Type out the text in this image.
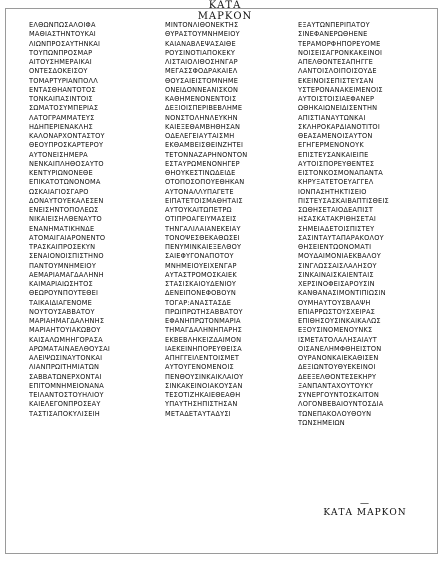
ΚΑΤΑ ΜΑΡΚΟΝ
ΕΛΘΩΝΠΩΣΑΛΟΙΦΑ
ΜΑΘΙΑΣΤΗΝΤΟΥΚΑΙ
ΛΙΩΝΠΡΟΣΑΥΤΗΝΚΑΙ
ΤΟΥΠΩΝΠΡΟΣΜΑΡ
ΑΙΤΟΥΣΗΜΕΡΑΙΚΑΙ
ΟΝΤΕΣΔΟΚΕΙΣΟΥ
ΤΟΜΑΡΤΥΡΙΑΝΠΟΛΛ
ΕΝΤΑΣΘΗΑΝΤΟΤΟΣ
ΤΟΝΚΑΙΠΑΣΙΝΤΟΙΣ
ΣΩΜΑΤΟΣΥΜΠΕΡΙΑΣ
ΛΑΤΟΓΡΑΜΜΑΤΕΥΣ
ΗΔΗΠΕΡΙΕΝΑΚΛΗΣ
ΚΑΛΟΝΑΡΧΟΝΤΑΣΤΟΥ
ΘΕΟΥΠΡΟΣΚΑΡΤΕΡΟΥ
ΑΥΤΟΝΕΙΣΗΜΕΡΑ
ΝΕΝΚΑΙΠΛΗΘΟΣΑΥΤΟ
ΚΕΝΤΥΡΙΩΝΟΝΕΘΕ
ΕΠΙΚΑΤΟΤΩΝΟΝΟΜΑ
ΩΣΚΑΙΑΓΙΟΣΓΑΡΟ
ΔΟΝΑΥΤΟΥΕΚΑΛΕΣΕΝ
ΕΝΕΙΣΗΝΤΟΠΟΛΕΩΣ
ΝΙΚΑΙΕΙΣΗΛΘΕΝΑΥΤΟ
ΕΝΑΝΗΜΑΤΙΚΗΝΔΕ
ΑΤΟΜΑΙΓΑΙΑΡΟΝΕΝΤΟ
ΤΡΑΣΚΑΙΠΡΟΣΕΚΥΝ
ΣΕΝΑΙΟΝΟΙΣΠΙΣΤΗΝΟ
ΠΑΝΤΟΥΜΝΗΜΕΙΟΥ
ΑΕΜΑΡΙΑΜΑΓΔΑΛΗΝΗ
ΚΑΙΜΑΡΙΑΙΩΣΗΤΟΣ
ΘΕΩΡΟΥΝΠΟΥΤΕΘΕΙ
ΤΑΙΚΑΙΔΙΑΓΕΝΟΜΕ
ΝΟΥΤΟΥΣΑΒΒΑΤΟΥ
ΜΑΡΙΑΗΜΑΓΔΑΛΗΝΗΣ
ΜΑΡΙΑΗΤΟΥΙΑΚΩΒΟΥ
ΚΑΙΣΑΛΩΜΗΗΓΟΡΑΣΑ
ΑΡΩΜΑΤΑΙΝΑΕΛΘΟΥΣΑΙ
ΑΛΕΙΨΩΣΙΝΑΥΤΟΝΚΑΙ
ΛΙΑΝΠΡΩΙΤΗΜΙΑΤΩΝ
ΣΑΒΒΑΤΩΝΕΡΧΟΝΤΑΙ
ΕΠΙΤΟΜΝΗΜΕΙΟΝΑΝΑ
ΤΕΙΛΑΝΤΟΣΤΟΥΗΛΙΟΥ
ΚΑΙΕΛΕΓΟΝΠΡΟΣΕΑΥ
ΤΑΣΤΙΣΑΠΟΚΥΛΙΣΕΙΗ
ΜΙΝΤΟΝΛΙΘΟΝΕΚΤΗΣ
ΘΥΡΑΣΤΟΥΜΝΗΜΕΙΟΥ
ΚΑΙΑΝΑΒΛΕΨΑΣΑΙΘΕ
ΡΟΥΣΙΝΟΤΙΑΠΟΚΕΚΥ
ΛΙΣΤΑΙΟΛΙΘΟΣΗΝΓΑΡ
ΜΕΓΑΣΣΦΟΔΡΑΚΑΙΕΛ
ΘΟΥΣΑΙΕΙΣΤΟΜΝΗΜΕ
ΟΝΕΙΔΟΝΝΕΑΝΙΣΚΟΝ
ΚΑΘΗΜΕΝΟΝΕΝΤΟΙΣ
ΔΕΞΙΟΙΣΠΕΡΙΒΕΒΛΗΜΕ
ΝΟΝΣΤΟΛΗΝΛΕΥΚΗΝ
ΚΑΙΕΞΕΘΑΜΒΗΘΗΣΑΝ
ΟΔΕΛΕΓΕΙΑΥΤΑΙΣΜΗ
ΕΚΘΑΜΒΕΙΣΘΕΙΝΖΗΤΕΙ
ΤΕΤΟΝΝΑΖΑΡΗΝΟΝΤΟΝ
ΕΣΤΑΥΡΩΜΕΝΟΝΗΓΕΡ
ΘΗΟΥΚΕΣΤΙΝΩΔΕΙΔΕ
ΟΤΟΠΟΣΟΠΟΥΕΘΗΚΑΝ
ΑΥΤΟΝΑΛΛΥΠΑΓΕΤΕ
ΕΙΠΑΤΕΤΟΙΣΜΑΘΗΤΑΙΣ
ΑΥΤΟΥΚΑΙΤΩΠΕΤΡΩ
ΟΤΙΠΡΟΑΓΕΙΥΜΑΣΕΙΣ
ΤΗΝΓΑΛΙΛΑΙΑΝΕΚΕΙΑΥ
ΤΟΝΟΨΕΣΘΕΚΑΘΩΣΕΙ
ΠΕΝΥΜΙΝΚΑΙΕΞΕΛΘΟΥ
ΣΑΙΕΦΥΓΟΝΑΠΟΤΟΥ
ΜΝΗΜΕΙΟΥΕΙΧΕΝΓΑΡ
ΑΥΤΑΣΤΡΟΜΟΣΚΑΙΕΚ
ΣΤΑΣΙΣΚΑΙΟΥΔΕΝΙΟΥ
ΔΕΝΕΙΠΟΝΕΦΟΒΟΥΝ
ΤΟΓΑΡ:ΑΝΑΣΤΑΣΔΕ
ΠΡΩΙΠΡΩΤΗΣΑΒΒΑΤΟΥ
ΕΦΑΝΗΠΡΩΤΟΝΜΑΡΙΑ
ΤΗΜΑΓΔΑΛΗΝΗΠΑΡΗΣ
ΕΚΒΕΒΛΗΚΕΙΖΔΑΙΜΟΝ
ΙΑΕΚΕΙΝΗΠΟΡΕΥΘΕΙΣΑ
ΑΠΗΓΓΕΙΛΕΝΤΟΙΣΜΕΤ
ΑΥΤΟΥΓΕΝΟΜΕΝΟΙΣ
ΠΕΝΘΟΥΣΙΝΚΑΙΚΛΑΙΟΥ
ΣΙΝΚΑΚΕΙΝΟΙΑΚΟΥΣΑΝ
ΤΕΣΟΤΙΖΗΚΑΙΕΘΕΑΘΗ
ΥΠΑΥΤΗΣΗΠΙΣΤΗΣΑΝ
ΜΕΤΑΔΕΤΑΥΤΑΔΥΣΙ
ΕΞΑΥΤΩΝΠΕΡΙΠΑΤΟΥ
ΣΙΝΕΦΑΝΕΡΩΘΗΕΝΕ
ΤΕΡΑΜΟΡΦΗΠΟΡΕΥΟΜΕ
ΝΟΙΣΕΙΣΑΓΡΟΝΚΑΚΕΙΝΟΙ
ΑΠΕΛΘΟΝΤΕΣΑΠΗΓΓΕ
ΛΑΝΤΟΙΣΛΟΙΠΟΙΣΟΥΔΕ
ΕΚΕΙΝΟΙΣΕΠΙΣΤΕΥΣΑΝ
ΥΣΤΕΡΟΝΑΝΑΚΕΙΜΕΝΟΙΣ
ΑΥΤΟΙΣΤΟΙΣΙΑΕΦΑΝΕΡ
ΩΘΗΚΑΙΩΝΕΙΔΙΣΕΝΤΗΝ
ΑΠΙΣΤΙΑΝΑΥΤΩΝΚΑΙ
ΣΚΛΗΡΟΚΑΡΔΙΑΝΟΤΙΤΟΙ
ΘΕΑΣΑΜΕΝΟΙΣΑΥΤΟΝ
ΕΓΗΓΕΡΜΕΝΟΝΟΥΚ
ΕΠΙΣΤΕΥΣΑΝΚΑΙΕΙΠΕ
ΑΥΤΟΙΣΠΟΡΕΥΘΕΝΤΕΣ
ΕΙΣΤΟΝΚΟΣΜΟΝΑΠΑΝΤΑ
ΚΗΡΥΞΑΤΕΤΟΕΥΑΓΓΕΛ
ΙΟΝΠΑΣΗΤΗΚΤΙΣΕΙΟ
ΠΙΣΤΕΥΣΑΣΚΑΙΒΑΠΤΙΣΘΕΙΣ
ΣΩΘΗΣΕΤΑΙΟΔΕΑΠΙΣΤ
ΗΣΑΣΚΑΤΑΚΡΙΘΗΣΕΤΑΙ
ΣΗΜΕΙΑΔΕΤΟΙΣΠΙΣΤΕΥ
ΣΑΣΙΝΤΑΥΤΑΠΑΡΑΚΟΛΟΥ
ΘΗΣΕΙΕΝΤΩΟΝΟΜΑΤΙ
ΜΟΥΔΑΙΜΟΝΙΑΕΚΒΑΛΟΥ
ΣΙΝΓΛΩΣΣΑΙΣΛΑΛΗΣΟΥ
ΣΙΝΚΑΙΝΑΙΣΚΑΙΕΝΤΑΙΣ
ΧΕΡΣΙΝΟΦΕΙΣΑΡΟΥΣΙΝ
ΚΑΝΘΑΝΑΣΙΜΟΝΤΙΠΙΩΣΙΝ
ΟΥΜΗΑΥΤΟΥΣΒΛΑΨΗ
ΕΠΙΑΡΡΩΣΤΟΥΣΧΕΙΡΑΣ
ΕΠΙΘΗΣΟΥΣΙΝΚΑΙΚΑΛΩΣ
ΕΞΟΥΣΙΝΟΜΕΝΟΥΝΚΣ
ΙΣΜΕΤΑΤΟΛΑΛΗΣΑΙΑΥΤ
ΟΙΣΑΝΕΛΗΜΦΘΗΕΙΣΤΟΝ
ΟΥΡΑΝΟΝΚΑΙΕΚΑΘΙΣΕΝ
ΔΕΞΙΩΝΤΟΥΘΥΕΚΕΙΝΟΙ
ΔΕΕΞΕΛΘΟΝΤΕΣΕΚΗΡΥ
ΞΑΝΠΑΝΤΑΧΟΥΤΟΥΚΥ
ΣΥΝΕΡΓΟΥΝΤΟΣΚΑΙΤΟΝ
ΛΟΓΟΝΒΕΒΑΙΟΥΝΤΟΣΔΙΑ
ΤΩΝΕΠΑΚΟΛΟΥΘΟΥΝ
ΤΩΝΣΗΜΕΙΩΝ
—
ΚΑΤΑ ΜΑΡΚΟΝ
